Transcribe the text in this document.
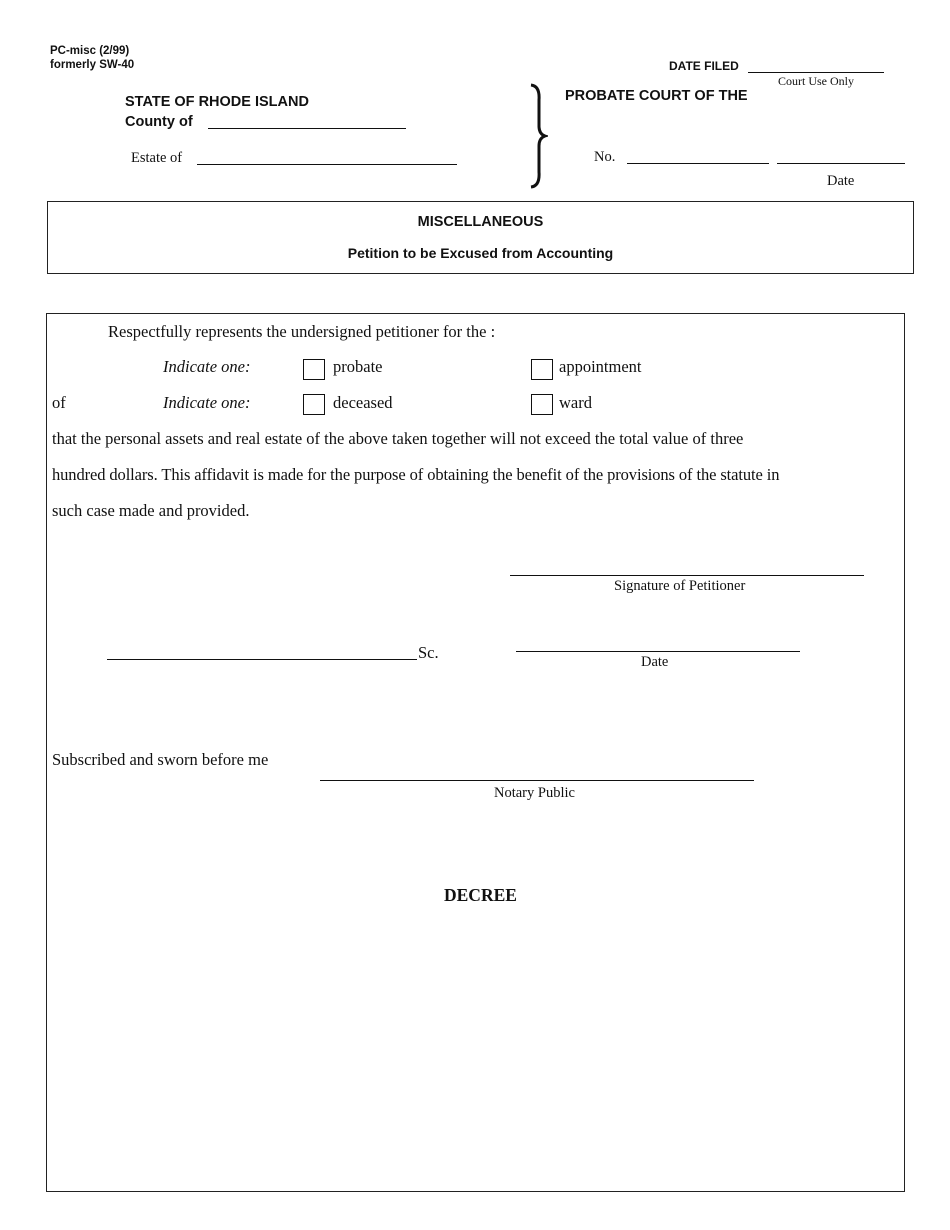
PC-misc (2/99)
formerly SW-40
STATE OF RHODE ISLAND
County of
Estate of
DATE FILED
Court Use Only
PROBATE COURT OF THE
No.
Date
MISCELLANEOUS
Petition to be Excused from Accounting
Respectfully represents the undersigned petitioner for the :
Indicate one:	probate	appointment
of	Indicate one:	deceased	ward
that the personal assets and real estate of the above taken together will not exceed the total value of three
hundred dollars. This affidavit is made for the purpose of obtaining the benefit of the provisions of the statute in
such case made and provided.
Signature of Petitioner
Sc.	Date
Subscribed and sworn before me
Notary Public
DECREE
